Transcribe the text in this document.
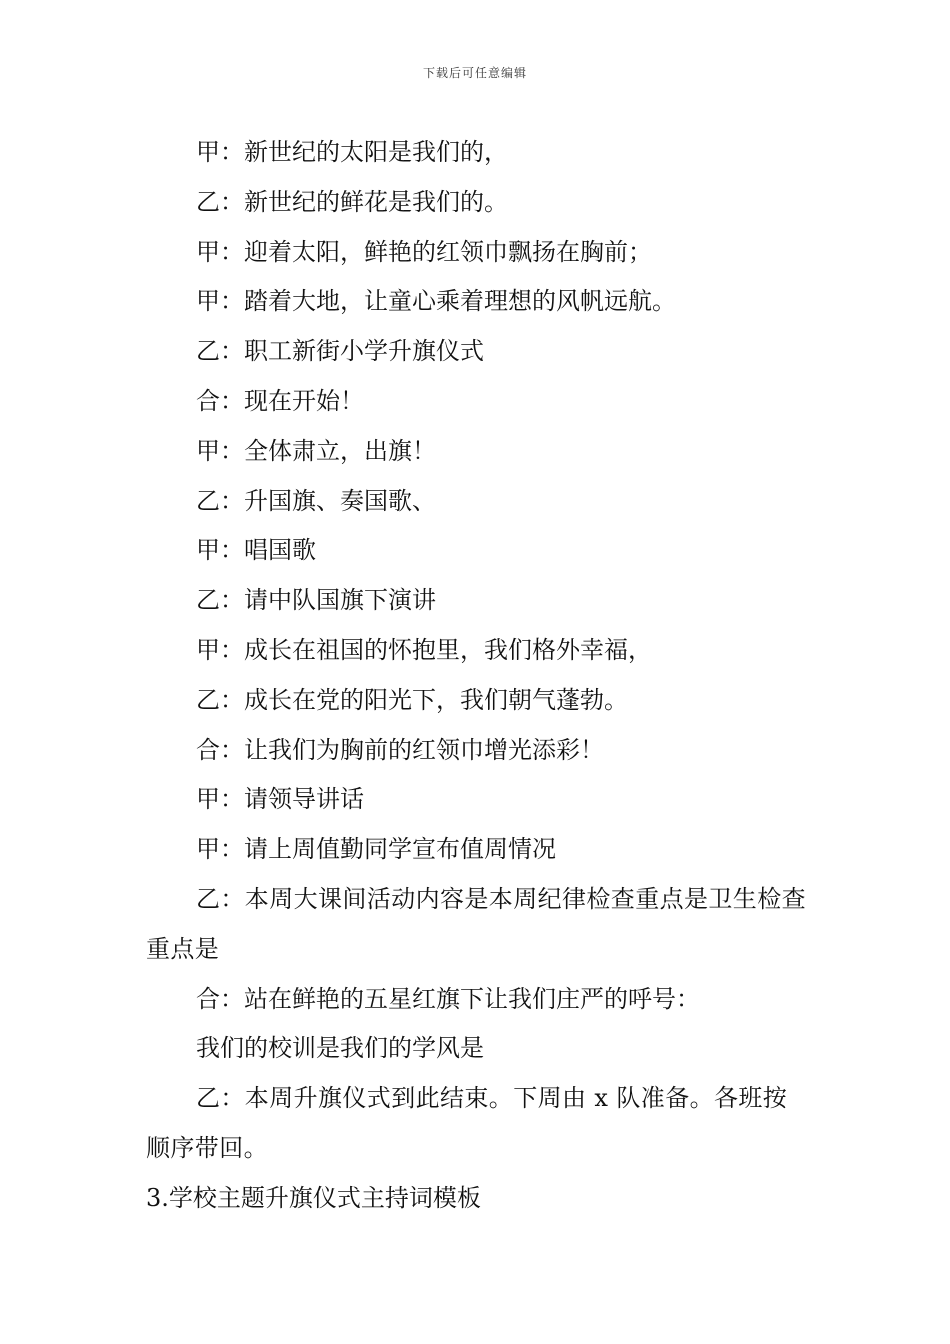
下载后可任意编辑
甲：新世纪的太阳是我们的，
乙：新世纪的鲜花是我们的。
甲：迎着太阳，鲜艳的红领巾飘扬在胸前；
甲：踏着大地，让童心乘着理想的风帆远航。
乙：职工新街小学升旗仪式
合：现在开始！
甲：全体肃立，出旗！
乙：升国旗、奏国歌、
甲：唱国歌
乙：请中队国旗下演讲
甲：成长在祖国的怀抱里，我们格外幸福，
乙：成长在党的阳光下，我们朝气蓬勃。
合：让我们为胸前的红领巾增光添彩！
甲：请领导讲话
甲：请上周值勤同学宣布值周情况
乙：本周大课间活动内容是本周纪律检查重点是卫生检查重点是
合：站在鲜艳的五星红旗下让我们庄严的呼号：
我们的校训是我们的学风是
乙：本周升旗仪式到此结束。下周由 x 队准备。各班按顺序带回。
3.学校主题升旗仪式主持词模板
